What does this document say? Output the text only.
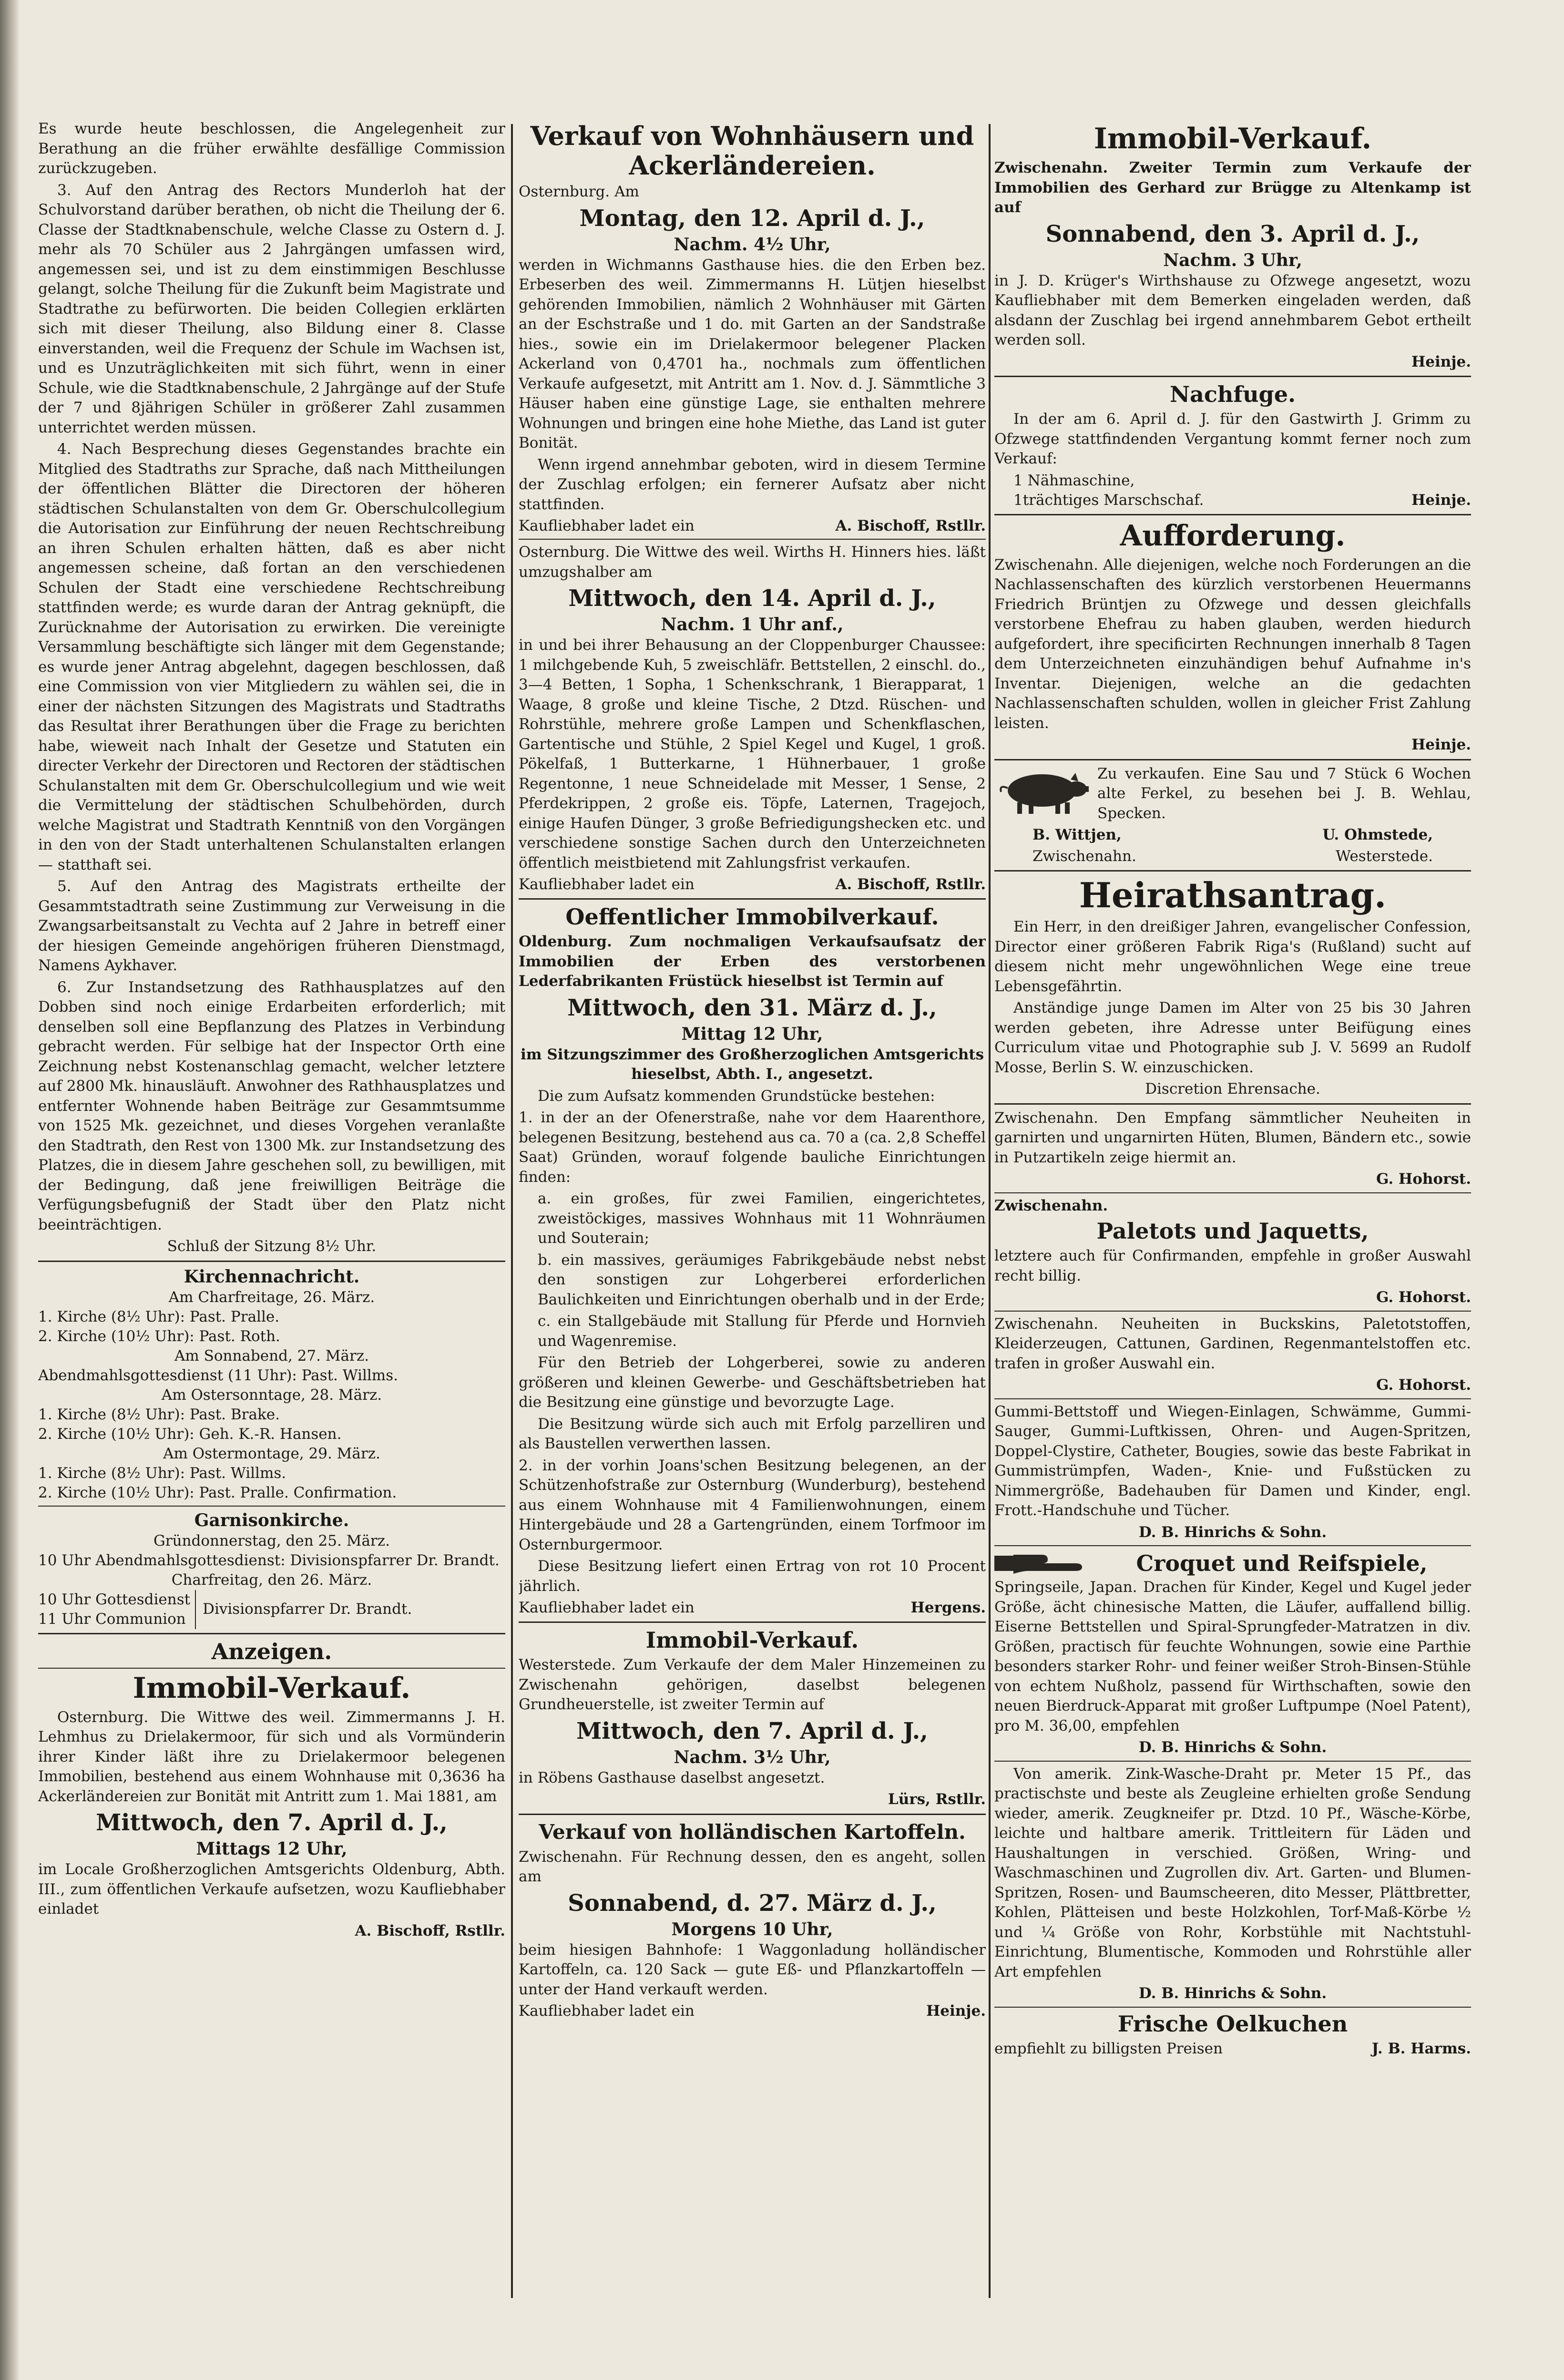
Es wurde heute beschlossen, die Angelegenheit zur Berathung an die früher erwählte desfällige Commission zurückzugeben.

3. Auf den Antrag des Rectors Munderloh hat der Schulvorstand darüber berathen, ob nicht die Theilung der 6. Classe der Stadtknabenschule, welche Classe zu Ostern d. J. mehr als 70 Schüler aus 2 Jahrgängen umfassen wird, angemessen sei, und ist zu dem einstimmigen Beschlusse gelangt, solche Theilung für die Zukunft beim Magistrate und Stadtrathe zu befürworten. Die beiden Collegien erklärten sich mit dieser Theilung, also Bildung einer 8. Classe einverstanden, weil die Frequenz der Schule im Wachsen ist, und es Unzuträglichkeiten mit sich führt, wenn in einer Schule, wie die Stadtknabenschule, 2 Jahrgänge auf der Stufe der 7 und 8jährigen Schüler in größerer Zahl zusammen unterrichtet werden müssen.

4. Nach Besprechung dieses Gegenstandes brachte ein Mitglied des Stadtraths zur Sprache, daß nach Mittheilungen der öffentlichen Blätter die Directoren der höheren städtischen Schulanstalten von dem Gr. Oberschulcollegium die Autorisation zur Einführung der neuen Rechtschreibung an ihren Schulen erhalten hätten, daß es aber nicht angemessen scheine, daß fortan an den verschiedenen Schulen der Stadt eine verschiedene Rechtschreibung stattfinden werde; es wurde daran der Antrag geknüpft, die Zurücknahme der Autorisation zu erwirken. Die vereinigte Versammlung beschäftigte sich länger mit dem Gegenstande; es wurde jener Antrag abgelehnt, dagegen beschlossen, daß eine Commission von vier Mitgliedern zu wählen sei, die in einer der nächsten Sitzungen des Magistrats und Stadtraths das Resultat ihrer Berathungen über die Frage zu berichten habe, wieweit nach Inhalt der Gesetze und Statuten ein directer Verkehr der Directoren und Rectoren der städtischen Schulanstalten mit dem Gr. Oberschulcollegium und wie weit die Vermittelung der städtischen Schulbehörden, durch welche Magistrat und Stadtrath Kenntniß von den Vorgängen in den von der Stadt unterhaltenen Schulanstalten erlangen — statthaft sei.

5. Auf den Antrag des Magistrats ertheilte der Gesammtstadtrath seine Zustimmung zur Verweisung in die Zwangsarbeitsanstalt zu Vechta auf 2 Jahre in betreff einer der hiesigen Gemeinde angehörigen früheren Dienstmagd, Namens Aykhaver.

6. Zur Instandsetzung des Rathhausplatzes auf den Dobben sind noch einige Erdarbeiten erforderlich; mit denselben soll eine Bepflanzung des Platzes in Verbindung gebracht werden. Für selbige hat der Inspector Orth eine Zeichnung nebst Kostenanschlag gemacht, welcher letztere auf 2800 Mk. hinausläuft. Anwohner des Rathhausplatzes und entfernter Wohnende haben Beiträge zur Gesammtsumme von 1525 Mk. gezeichnet, und dieses Vorgehen veranlaßte den Stadtrath, den Rest von 1300 Mk. zur Instandsetzung des Platzes, die in diesem Jahre geschehen soll, zu bewilligen, mit der Bedingung, daß jene freiwilligen Beiträge die Verfügungsbefugniß der Stadt über den Platz nicht beeinträchtigen.

Schluß der Sitzung 8½ Uhr.

Kirchennachricht.

Am Charfreitage, 26. März.

1. Kirche (8½ Uhr): Past. Pralle.

2. Kirche (10½ Uhr): Past. Roth.

Am Sonnabend, 27. März.

Abendmahlsgottesdienst (11 Uhr): Past. Willms.

Am Ostersonntage, 28. März.

1. Kirche (8½ Uhr): Past. Brake.

2. Kirche (10½ Uhr): Geh. K.-R. Hansen.

Am Ostermontage, 29. März.

1. Kirche (8½ Uhr): Past. Willms.

2. Kirche (10½ Uhr): Past. Pralle. Confirmation.

Garnisonkirche.

Gründonnerstag, den 25. März.

10 Uhr Abendmahlsgottesdienst: Divisionspfarrer Dr. Brandt.

Charfreitag, den 26. März.

10 Uhr Gottesdienst

11 Uhr Communion

Divisionspfarrer Dr. Brandt.

Anzeigen.

Immobil-Verkauf.

Osternburg. Die Wittwe des weil. Zimmermanns J. H. Lehmhus zu Drielakermoor, für sich und als Vormünderin ihrer Kinder läßt ihre zu Drielakermoor belegenen Immobilien, bestehend aus einem Wohnhause mit 0,3636 ha Ackerländereien zur Bonität mit Antritt zum 1. Mai 1881, am

Mittwoch, den 7. April d. J.,

Mittags 12 Uhr,

im Locale Großherzoglichen Amtsgerichts Oldenburg, Abth. III., zum öffentlichen Verkaufe aufsetzen, wozu Kaufliebhaber einladet

A. Bischoff, Rstllr.

Verkauf von Wohnhäusern und Ackerländereien.

Osternburg. Am

Montag, den 12. April d. J.,

Nachm. 4½ Uhr,

werden in Wichmanns Gasthause hies. die den Erben bez. Erbeserben des weil. Zimmermanns H. Lütjen hieselbst gehörenden Immobilien, nämlich 2 Wohnhäuser mit Gärten an der Eschstraße und 1 do. mit Garten an der Sandstraße hies., sowie ein im Drielakermoor belegener Placken Ackerland von 0,4701 ha., nochmals zum öffentlichen Verkaufe aufgesetzt, mit Antritt am 1. Nov. d. J. Sämmtliche 3 Häuser haben eine günstige Lage, sie enthalten mehrere Wohnungen und bringen eine hohe Miethe, das Land ist guter Bonität.

Wenn irgend annehmbar geboten, wird in diesem Termine der Zuschlag erfolgen; ein fernerer Aufsatz aber nicht stattfinden.

Kaufliebhaber ladet ein	A. Bischoff, Rstllr.

Osternburg. Die Wittwe des weil. Wirths H. Hinners hies. läßt umzugshalber am

Mittwoch, den 14. April d. J.,

Nachm. 1 Uhr anf.,

in und bei ihrer Behausung an der Cloppenburger Chaussee: 1 milchgebende Kuh, 5 zweischläfr. Bettstellen, 2 einschl. do., 3—4 Betten, 1 Sopha, 1 Schenkschrank, 1 Bierapparat, 1 Waage, 8 große und kleine Tische, 2 Dtzd. Rüschen- und Rohrstühle, mehrere große Lampen und Schenkflaschen, Gartentische und Stühle, 2 Spiel Kegel und Kugel, 1 groß. Pökelfaß, 1 Butterkarne, 1 Hühnerbauer, 1 große Regentonne, 1 neue Schneidelade mit Messer, 1 Sense, 2 Pferdekrippen, 2 große eis. Töpfe, Laternen, Tragejoch, einige Haufen Dünger, 3 große Befriedigungshecken etc. und verschiedene sonstige Sachen durch den Unterzeichneten öffentlich meistbietend mit Zahlungsfrist verkaufen.

Kaufliebhaber ladet ein	A. Bischoff, Rstllr.

Oeffentlicher Immobilverkauf.

Oldenburg. Zum nochmaligen Verkaufsaufsatz der Immobilien der Erben des verstorbenen Lederfabrikanten Früstück hieselbst ist Termin auf

Mittwoch, den 31. März d. J.,

Mittag 12 Uhr,

im Sitzungszimmer des Großherzoglichen Amtsgerichts hieselbst, Abth. I., angesetzt.

Die zum Aufsatz kommenden Grundstücke bestehen:

1. in der an der Ofenerstraße, nahe vor dem Haarenthore, belegenen Besitzung, bestehend aus ca. 70 a (ca. 2,8 Scheffel Saat) Gründen, worauf folgende bauliche Einrichtungen finden:

a. ein großes, für zwei Familien, eingerichtetes, zweistöckiges, massives Wohnhaus mit 11 Wohnräumen und Souterain;

b. ein massives, geräumiges Fabrikgebäude nebst nebst den sonstigen zur Lohgerberei erforderlichen Baulichkeiten und Einrichtungen oberhalb und in der Erde;

c. ein Stallgebäude mit Stallung für Pferde und Hornvieh und Wagenremise.

Für den Betrieb der Lohgerberei, sowie zu anderen größeren und kleinen Gewerbe- und Geschäftsbetrieben hat die Besitzung eine günstige und bevorzugte Lage.

Die Besitzung würde sich auch mit Erfolg parzelliren und als Baustellen verwerthen lassen.

2. in der vorhin Joans'schen Besitzung belegenen, an der Schützenhofstraße zur Osternburg (Wunderburg), bestehend aus einem Wohnhause mit 4 Familienwohnungen, einem Hintergebäude und 28 a Gartengründen, einem Torfmoor im Osternburgermoor.

Diese Besitzung liefert einen Ertrag von rot 10 Procent jährlich.

Kaufliebhaber ladet ein	Hergens.

Immobil-Verkauf.

Westerstede. Zum Verkaufe der dem Maler Hinzemeinen zu Zwischenahn gehörigen, daselbst belegenen Grundheuerstelle, ist zweiter Termin auf

Mittwoch, den 7. April d. J.,

Nachm. 3½ Uhr,

in Röbens Gasthause daselbst angesetzt.

Lürs, Rstllr.

Verkauf von holländischen Kartoffeln.

Zwischenahn. Für Rechnung dessen, den es angeht, sollen am

Sonnabend, d. 27. März d. J.,

Morgens 10 Uhr,

beim hiesigen Bahnhofe: 1 Waggonladung holländischer Kartoffeln, ca. 120 Sack — gute Eß- und Pflanzkartoffeln — unter der Hand verkauft werden.

Kaufliebhaber ladet ein	Heinje.

Immobil-Verkauf.

Zwischenahn. Zweiter Termin zum Verkaufe der Immobilien des Gerhard zur Brügge zu Altenkamp ist auf

Sonnabend, den 3. April d. J.,

Nachm. 3 Uhr,

in J. D. Krüger's Wirthshause zu Ofzwege angesetzt, wozu Kaufliebhaber mit dem Bemerken eingeladen werden, daß alsdann der Zuschlag bei irgend annehmbarem Gebot ertheilt werden soll.

Heinje.

Nachfuge.

In der am 6. April d. J. für den Gastwirth J. Grimm zu Ofzwege stattfindenden Vergantung kommt ferner noch zum Verkauf:

1 Nähmaschine,

1trächtiges Marschschaf.	Heinje.

Aufforderung.

Zwischenahn. Alle diejenigen, welche noch Forderungen an die Nachlassenschaften des kürzlich verstorbenen Heuermanns Friedrich Brüntjen zu Ofzwege und dessen gleichfalls verstorbene Ehefrau zu haben glauben, werden hiedurch aufgefordert, ihre specificirten Rechnungen innerhalb 8 Tagen dem Unterzeichneten einzuhändigen behuf Aufnahme in's Inventar. Diejenigen, welche an die gedachten Nachlassenschaften schulden, wollen in gleicher Frist Zahlung leisten.

Heinje.

Zu verkaufen. Eine Sau und 7 Stück 6 Wochen alte Ferkel, zu besehen bei J. B. Wehlau, Specken.

B. Wittjen,	U. Ohmstede,
Zwischenahn.	Westerstede.

Heirathsantrag.

Ein Herr, in den dreißiger Jahren, evangelischer Confession, Director einer größeren Fabrik Riga's (Rußland) sucht auf diesem nicht mehr ungewöhnlichen Wege eine treue Lebensgefährtin.

Anständige junge Damen im Alter von 25 bis 30 Jahren werden gebeten, ihre Adresse unter Beifügung eines Curriculum vitae und Photographie sub J. V. 5699 an Rudolf Mosse, Berlin S. W. einzuschicken.

Discretion Ehrensache.

Zwischenahn. Den Empfang sämmtlicher Neuheiten in garnirten und ungarnirten Hüten, Blumen, Bändern etc., sowie in Putzartikeln zeige hiermit an.

G. Hohorst.

Zwischenahn.

Paletots und Jaquetts,

letztere auch für Confirmanden, empfehle in großer Auswahl recht billig.

G. Hohorst.

Zwischenahn. Neuheiten in Buckskins, Paletotstoffen, Kleiderzeugen, Cattunen, Gardinen, Regenmantelstoffen etc. trafen in großer Auswahl ein.

G. Hohorst.

Gummi-Bettstoff und Wiegen-Einlagen, Schwämme, Gummi-Sauger, Gummi-Luftkissen, Ohren- und Augen-Spritzen, Doppel-Clystire, Catheter, Bougies, sowie das beste Fabrikat in Gummistrümpfen, Waden-, Knie- und Fußstücken zu Nimmergröße, Badehauben für Damen und Kinder, engl. Frott.-Handschuhe und Tücher.

D. B. Hinrichs & Sohn.

Croquet und Reifspiele,

Springseile, Japan. Drachen für Kinder, Kegel und Kugel jeder Größe, ächt chinesische Matten, die Läufer, auffallend billig. Eiserne Bettstellen und Spiral-Sprungfeder-Matratzen in div. Größen, practisch für feuchte Wohnungen, sowie eine Parthie besonders starker Rohr- und feiner weißer Stroh-Binsen-Stühle von echtem Nußholz, passend für Wirthschaften, sowie den neuen Bierdruck-Apparat mit großer Luftpumpe (Noel Patent), pro M. 36,00, empfehlen

D. B. Hinrichs & Sohn.

Von amerik. Zink-Wasche-Draht pr. Meter 15 Pf., das practischste und beste als Zeugleine erhielten große Sendung wieder, amerik. Zeugkneifer pr. Dtzd. 10 Pf., Wäsche-Körbe, leichte und haltbare amerik. Trittleitern für Läden und Haushaltungen in verschied. Größen, Wring- und Waschmaschinen und Zugrollen div. Art. Garten- und Blumen-Spritzen, Rosen- und Baumscheeren, dito Messer, Plättbretter, Kohlen, Plätteisen und beste Holzkohlen, Torf-Maß-Körbe ½ und ¼ Größe von Rohr, Korbstühle mit Nachtstuhl-Einrichtung, Blumentische, Kommoden und Rohrstühle aller Art empfehlen

D. B. Hinrichs & Sohn.

Frische Oelkuchen

empfiehlt zu billigsten Preisen	J. B. Harms.
